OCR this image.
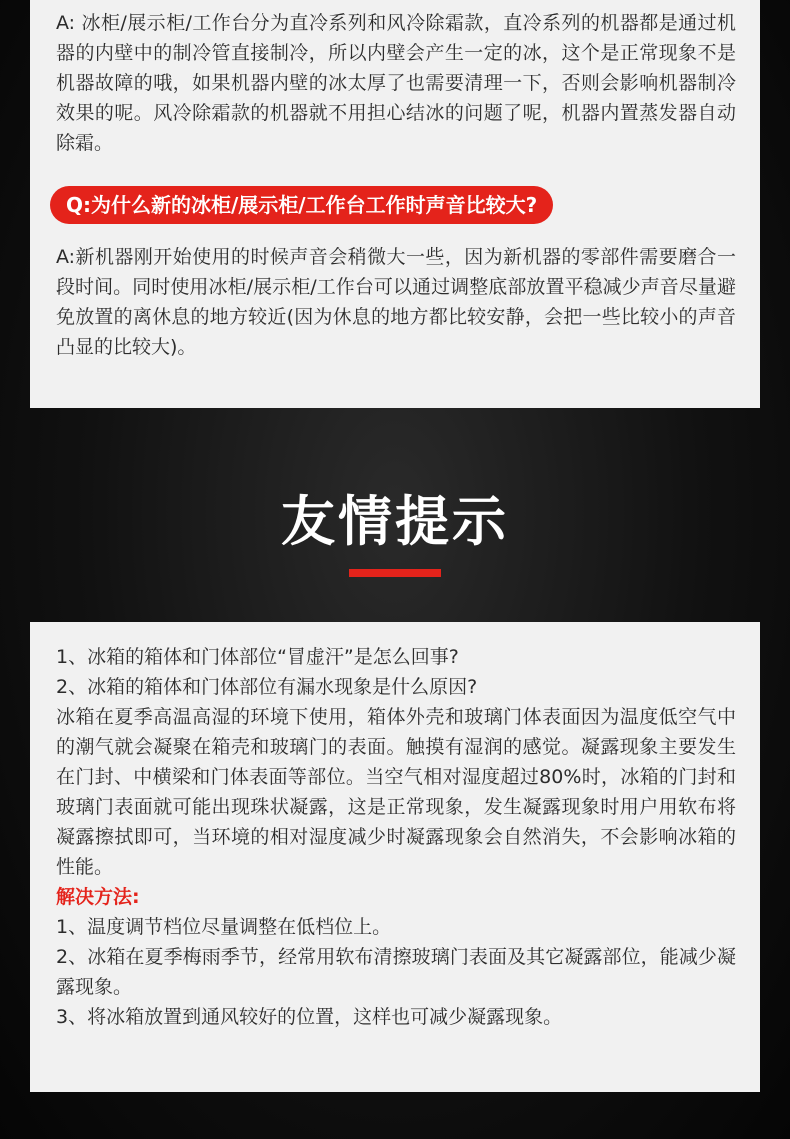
A: 冰柜/展示柜/工作台分为直冷系列和风冷除霜款，直冷系列的机器都是通过机器的内壁中的制冷管直接制冷，所以内壁会产生一定的冰，这个是正常现象不是机器故障的哦，如果机器内壁的冰太厚了也需要清理一下，否则会影响机器制冷效果的呢。风冷除霜款的机器就不用担心结冰的问题了呢，机器内置蒸发器自动除霜。

Q:为什么新的冰柜/展示柜/工作台工作时声音比较大?

A:新机器刚开始使用的时候声音会稍微大一些，因为新机器的零部件需要磨合一段时间。同时使用冰柜/展示柜/工作台可以通过调整底部放置平稳减少声音尽量避免放置的离休息的地方较近(因为休息的地方都比较安静，会把一些比较小的声音凸显的比较大)。

友情提示
1、冰箱的箱体和门体部位“冒虚汗”是怎么回事?
2、冰箱的箱体和门体部位有漏水现象是什么原因?
冰箱在夏季高温高湿的环境下使用，箱体外壳和玻璃门体表面因为温度低空气中的潮气就会凝聚在箱壳和玻璃门的表面。触摸有湿润的感觉。凝露现象主要发生在门封、中横梁和门体表面等部位。当空气相对湿度超过80%时，冰箱的门封和玻璃门表面就可能出现珠状凝露，这是正常现象，发生凝露现象时用户用软布将凝露擦拭即可，当环境的相对湿度减少时凝露现象会自然消失，不会影响冰箱的性能。
解决方法:
1、温度调节档位尽量调整在低档位上。
2、冰箱在夏季梅雨季节，经常用软布清擦玻璃门表面及其它凝露部位，能减少凝露现象。
3、将冰箱放置到通风较好的位置，这样也可减少凝露现象。
